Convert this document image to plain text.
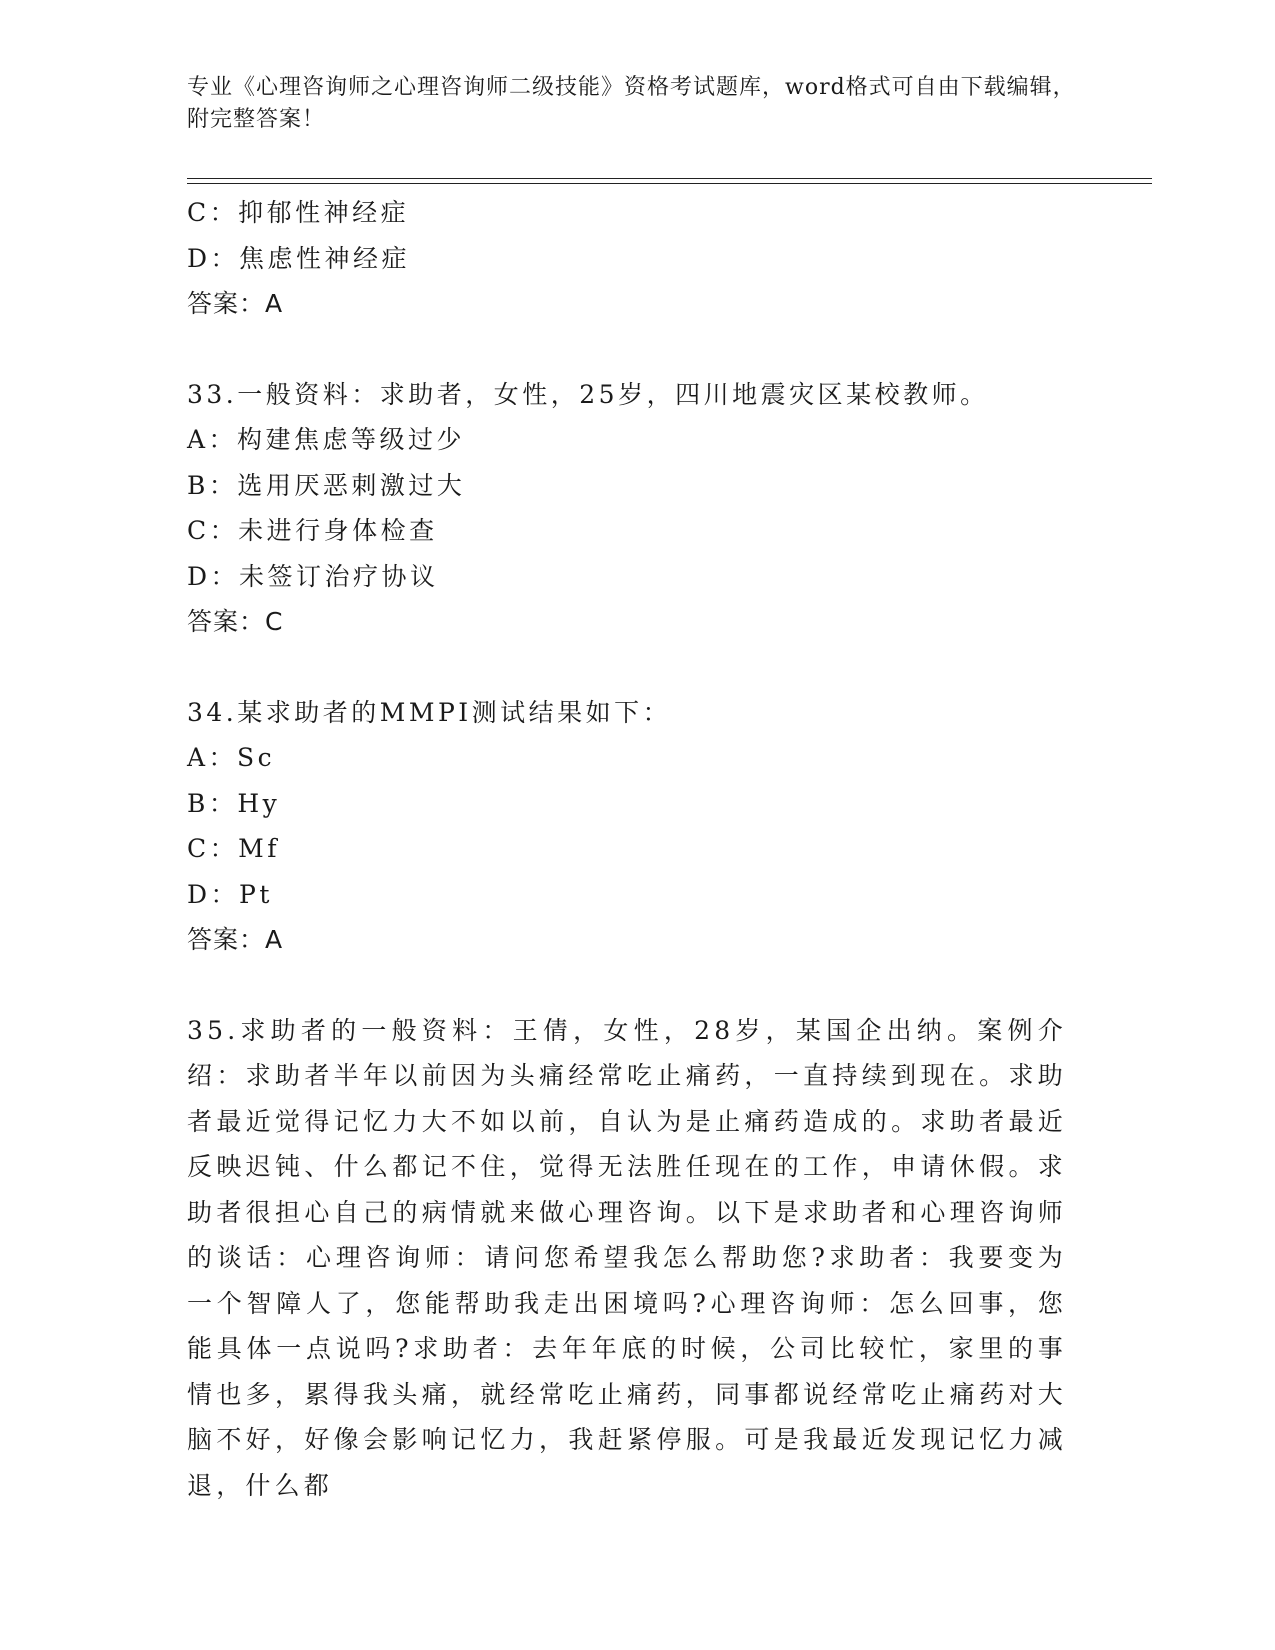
专业《心理咨询师之心理咨询师二级技能》资格考试题库，word格式可自由下载编辑，附完整答案！
C：抑郁性神经症
D：焦虑性神经症
答案：A
33.一般资料：求助者，女性，25岁，四川地震灾区某校教师。
A：构建焦虑等级过少
B：选用厌恶刺激过大
C：未进行身体检查
D：未签订治疗协议
答案：C
34.某求助者的MMPI测试结果如下：
A：Sc
B：Hy
C：Mf
D：Pt
答案：A
35.求助者的一般资料：王倩，女性，28岁，某国企出纳。案例介绍：求助者半年以前因为头痛经常吃止痛药，一直持续到现在。求助者最近觉得记忆力大不如以前，自认为是止痛药造成的。求助者最近反映迟钝、什么都记不住，觉得无法胜任现在的工作，申请休假。求助者很担心自己的病情就来做心理咨询。以下是求助者和心理咨询师的谈话：心理咨询师：请问您希望我怎么帮助您?求助者：我要变为一个智障人了，您能帮助我走出困境吗?心理咨询师：怎么回事，您能具体一点说吗?求助者：去年年底的时候，公司比较忙，家里的事情也多，累得我头痛，就经常吃止痛药，同事都说经常吃止痛药对大脑不好，好像会影响记忆力，我赶紧停服。可是我最近发现记忆力减退，什么都
